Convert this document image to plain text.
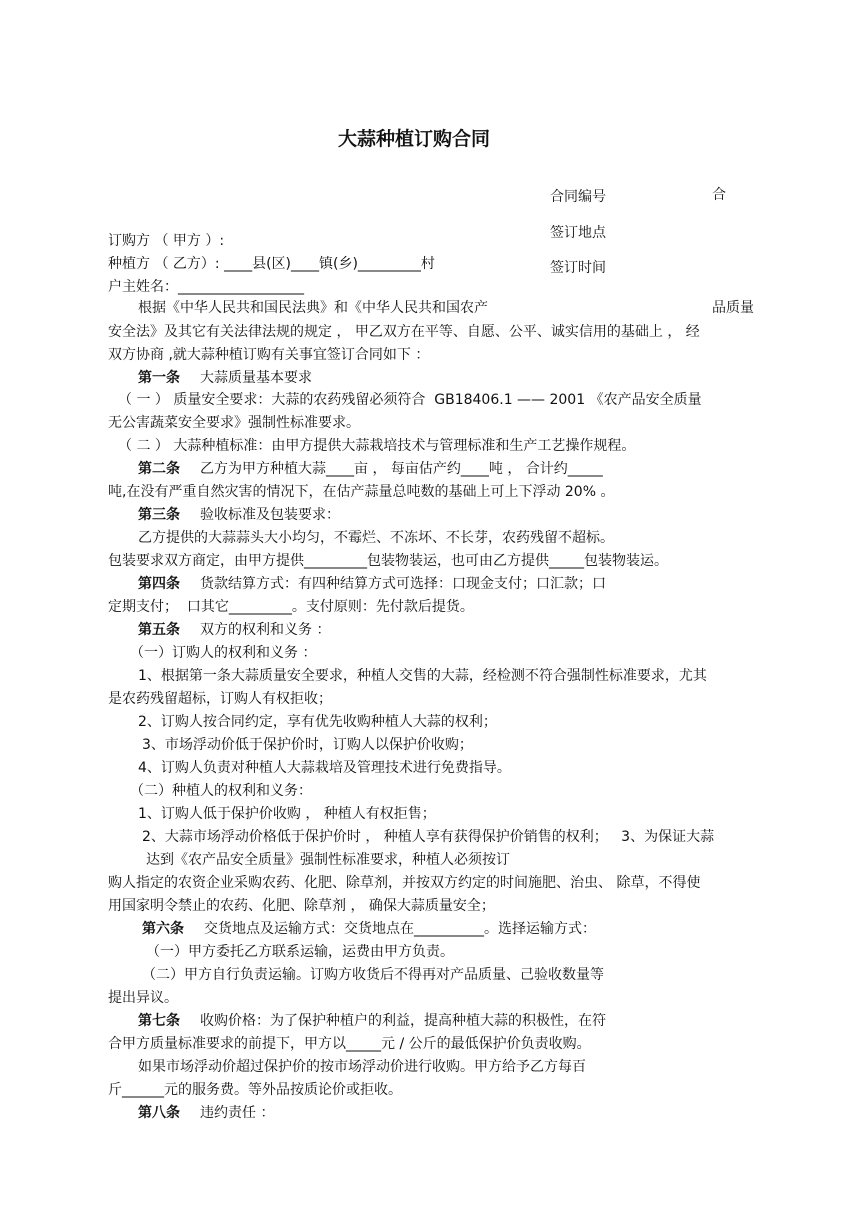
大蒜种植订购合同
合同编号	合
签订地点
签订时间
订购方 （ 甲方 ）:
种植方 （ 乙方）: ____县(区)____镇(乡)_________村
户主姓名：__________________
根据《中华人民共和国民法典》和《中华人民共和国农产	品质量
安全法》及其它有关法律法规的规定 ， 甲乙双方在平等、自愿、公平、诚实信用的基础上 ， 经
双方协商 ,就大蒜种植订购有关事宜签订合同如下 ：
第一条 大蒜质量基本要求
（ 一 ） 质量安全要求：大蒜的农药残留必须符合  GB18406.1 —— 2001 《农产品安全质量
无公害蔬菜安全要求》强制性标准要求。
（ 二 ） 大蒜种植标准：由甲方提供大蒜栽培技术与管理标准和生产工艺操作规程。
第二条 乙方为甲方种植大蒜____亩 ， 每亩估产约____吨 ， 合计约_____
吨,在没有严重自然灾害的情况下，在估产蒜量总吨数的基础上可上下浮动 20% 。
第三条 验收标准及包装要求：
乙方提供的大蒜蒜头大小均匀，不霉烂、不冻坏、不长芽，农药残留不超标。
包装要求双方商定，由甲方提供_________包装物装运，也可由乙方提供_____包装物装运。
第四条 货款结算方式：有四种结算方式可选择：口现金支付；口汇款；口
定期支付；  口其它_________。支付原则：先付款后提货。
第五条 双方的权利和义务 ：
（一）订购人的权利和义务 ：
1、根据第一条大蒜质量安全要求，种植人交售的大蒜，经检测不符合强制性标准要求，尤其
是农药残留超标，订购人有权拒收；
2、订购人按合同约定，享有优先收购种植人大蒜的权利；
3、市场浮动价低于保护价时，订购人以保护价收购；
4、订购人负责对种植人大蒜栽培及管理技术进行免费指导。
（二）种植人的权利和义务：
1、订购人低于保护价收购 ， 种植人有权拒售；
2、大蒜市场浮动价格低于保护价时 ， 种植人享有获得保护价销售的权利；   3、为保证大蒜
达到《农产品安全质量》强制性标准要求，种植人必须按订
购人指定的农资企业采购农药、化肥、除草剂，并按双方约定的时间施肥、治虫、 除草，不得使
用国家明令禁止的农药、化肥、除草剂 ， 确保大蒜质量安全；
第六条 交货地点及运输方式：交货地点在__________。选择运输方式：
（一）甲方委托乙方联系运输，运费由甲方负责。
（二）甲方自行负责运输。订购方收货后不得再对产品质量、己验收数量等
提出异议。
第七条 收购价格：为了保护种植户的利益，提高种植大蒜的积极性，在符
合甲方质量标准要求的前提下，甲方以_____元 / 公斤的最低保护价负责收购。
如果市场浮动价超过保护价的按市场浮动价进行收购。甲方给予乙方每百
斤______元的服务费。等外品按质论价或拒收。
第八条 违约责任 ：
